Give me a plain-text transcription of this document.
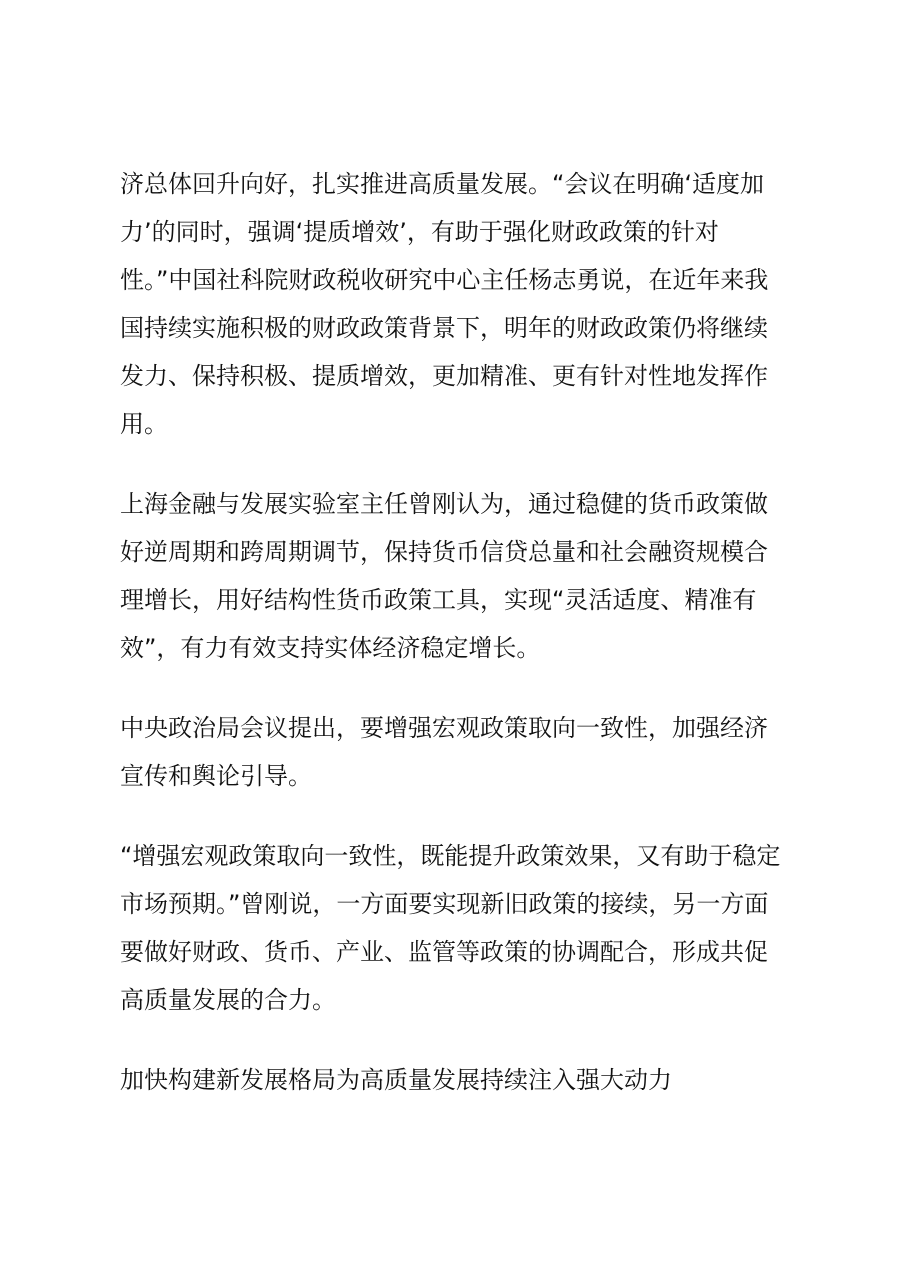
济总体回升向好，扎实推进高质量发展。“会议在明确‘适度加力’的同时，强调‘提质增效’，有助于强化财政政策的针对性。”中国社科院财政税收研究中心主任杨志勇说，在近年来我国持续实施积极的财政政策背景下，明年的财政政策仍将继续发力、保持积极、提质增效，更加精准、更有针对性地发挥作用。

上海金融与发展实验室主任曾刚认为，通过稳健的货币政策做好逆周期和跨周期调节，保持货币信贷总量和社会融资规模合理增长，用好结构性货币政策工具，实现“灵活适度、精准有效”，有力有效支持实体经济稳定增长。

中央政治局会议提出，要增强宏观政策取向一致性，加强经济宣传和舆论引导。

“增强宏观政策取向一致性，既能提升政策效果，又有助于稳定市场预期。”曾刚说，一方面要实现新旧政策的接续，另一方面要做好财政、货币、产业、监管等政策的协调配合，形成共促高质量发展的合力。

加快构建新发展格局为高质量发展持续注入强大动力
